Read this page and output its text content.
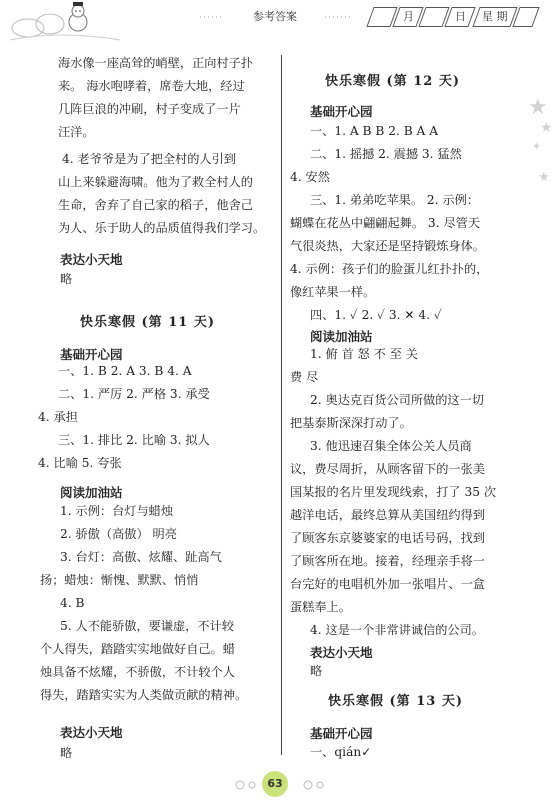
参考答案	月	日	星 期

海水像一座高耸的峭壁，正向村子扑

来。 海水咆哮着，席卷大地，经过

几阵巨浪的冲刷，村子变成了一片

汪洋。

4. 老爷爷是为了把全村的人引到

山上来躲避海啸。他为了救全村人的

生命，舍弃了自己家的稻子，他舍己

为人、乐于助人的品质值得我们学习。

表达小天地
略
快乐寒假 (第 11 天)
基础开心园

一、1. B 2. A 3. B 4. A

二、1. 严厉 2. 严格 3. 承受

4. 承担

三、1. 排比 2. 比喻 3. 拟人

4. 比喻 5. 夸张

阅读加油站

1. 示例：台灯与蜡烛

2. 骄傲（高傲） 明亮

3. 台灯：高傲、炫耀、趾高气

扬；蜡烛：惭愧、默默、悄悄

4. B

5. 人不能骄傲，要谦虚，不计较

个人得失，踏踏实实地做好自己。蜡

烛具备不炫耀，不骄傲，不计较个人

得失，踏踏实实为人类做贡献的精神。

表达小天地
略
快乐寒假 (第 12 天)
基础开心园

一、1. A B B 2. B A A

二、1. 摇撼 2. 震撼 3. 猛然

4. 安然

三、1. 弟弟吃苹果。 2. 示例：

蝴蝶在花丛中翩翩起舞。 3. 尽管天

气很炎热，大家还是坚持锻炼身体。

4. 示例：孩子们的脸蛋儿红扑扑的，

像红苹果一样。

四、1. ✓ 2. ✓ 3. ✕ 4. ✓

阅读加油站

1. 俯 首 怒 不 至 关

费 尽

2. 奥达克百货公司所做的这一切

把基泰斯深深打动了。

3. 他迅速召集全体公关人员商

议，费尽周折，从顾客留下的一张美

国某报的名片里发现线索，打了 35 次

越洋电话，最终总算从美国纽约得到

了顾客东京婆婆家的电话号码，找到

了顾客所在地。接着，经理亲手将一

台完好的电唱机外加一张唱片、一盒

蛋糕奉上。

4. 这是一个非常讲诚信的公司。

表达小天地
略
快乐寒假 (第 13 天)
基础开心园
一、qián✓
★
★
✦
★
63
